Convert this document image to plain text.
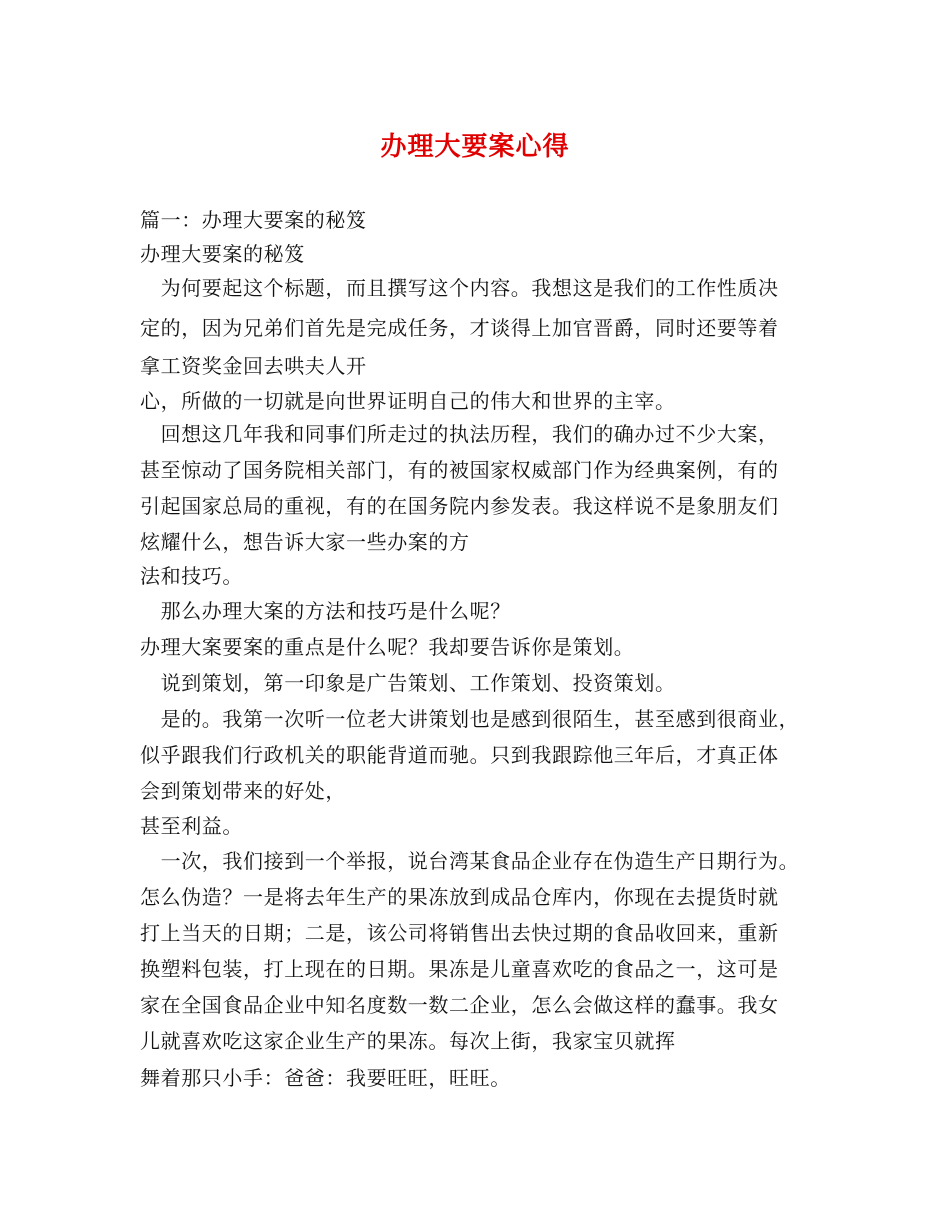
办理大要案心得
篇一：办理大要案的秘笈
办理大要案的秘笈
　为何要起这个标题，而且撰写这个内容。我想这是我们的工作性质决
定的，因为兄弟们首先是完成任务，才谈得上加官晋爵，同时还要等着
拿工资奖金回去哄夫人开
心，所做的一切就是向世界证明自己的伟大和世界的主宰。
　回想这几年我和同事们所走过的执法历程，我们的确办过不少大案，
甚至惊动了国务院相关部门，有的被国家权威部门作为经典案例，有的
引起国家总局的重视，有的在国务院内参发表。我这样说不是象朋友们
炫耀什么，想告诉大家一些办案的方
法和技巧。
　那么办理大案的方法和技巧是什么呢？
办理大案要案的重点是什么呢？我却要告诉你是策划。
　说到策划，第一印象是广告策划、工作策划、投资策划。
　是的。我第一次听一位老大讲策划也是感到很陌生，甚至感到很商业，
似乎跟我们行政机关的职能背道而驰。只到我跟踪他三年后，才真正体
会到策划带来的好处，
甚至利益。
　一次，我们接到一个举报，说台湾某食品企业存在伪造生产日期行为。
怎么伪造？一是将去年生产的果冻放到成品仓库内，你现在去提货时就
打上当天的日期；二是，该公司将销售出去快过期的食品收回来，重新
换塑料包装，打上现在的日期。果冻是儿童喜欢吃的食品之一，这可是
家在全国食品企业中知名度数一数二企业，怎么会做这样的蠢事。我女
儿就喜欢吃这家企业生产的果冻。每次上街，我家宝贝就挥
舞着那只小手：爸爸：我要旺旺，旺旺。
